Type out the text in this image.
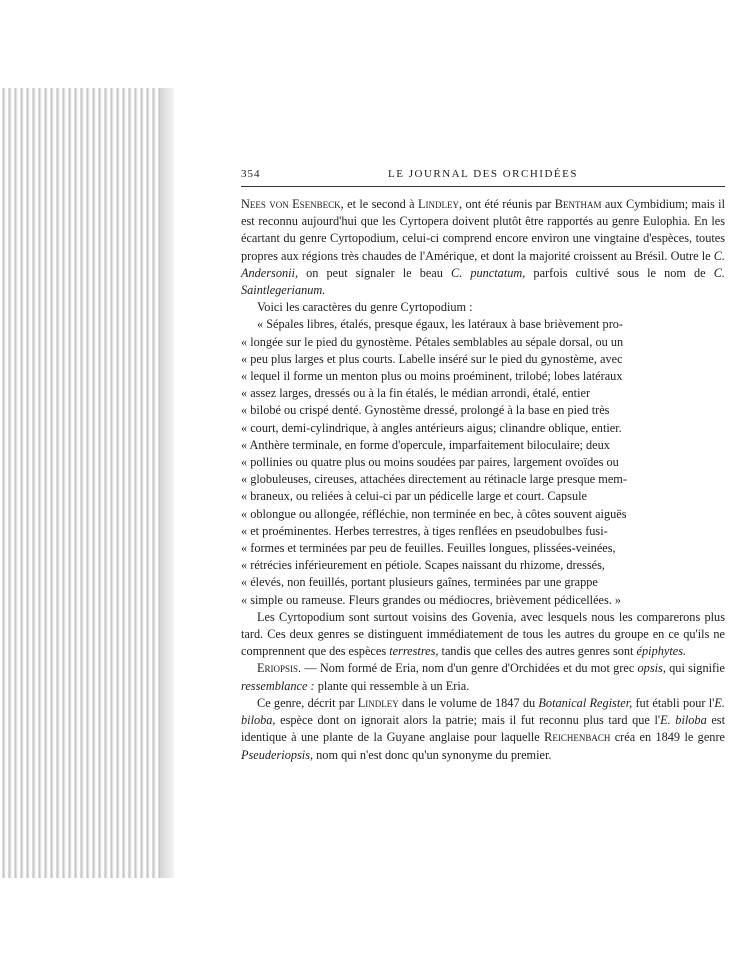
354	LE JOURNAL DES ORCHIDÉES

Nees von Esenbeck, et le second à Lindley, ont été réunis par Bentham aux Cymbidium; mais il est reconnu aujourd'hui que les Cyrtopera doivent plutôt être rapportés au genre Eulophia. En les écartant du genre Cyrtopodium, celui-ci comprend encore environ une vingtaine d'espèces, toutes propres aux régions très chaudes de l'Amérique, et dont la majorité croissent au Brésil. Outre le C. Andersonii, on peut signaler le beau C. punctatum, parfois cultivé sous le nom de C. Saintlegerianum.

Voici les caractères du genre Cyrtopodium :

« Sépales libres, étalés, presque égaux, les latéraux à base brièvement pro-

« longée sur le pied du gynostème. Pétales semblables au sépale dorsal, ou un

« peu plus larges et plus courts. Labelle inséré sur le pied du gynostème, avec

« lequel il forme un menton plus ou moins proéminent, trilobé; lobes latéraux

« assez larges, dressés ou à la fin étalés, le médian arrondi, étalé, entier

« bilobé ou crispé denté. Gynostème dressé, prolongé à la base en pied très

« court, demi-cylindrique, à angles antérieurs aigus; clinandre oblique, entier.

« Anthère terminale, en forme d'opercule, imparfaitement biloculaire; deux

« pollinies ou quatre plus ou moins soudées par paires, largement ovoïdes ou

« globuleuses, cireuses, attachées directement au rétinacle large presque mem-

« braneux, ou reliées à celui-ci par un pédicelle large et court. Capsule

« oblongue ou allongée, réfléchie, non terminée en bec, à côtes souvent aiguës

« et proéminentes. Herbes terrestres, à tiges renflées en pseudobulbes fusi-

« formes et terminées par peu de feuilles. Feuilles longues, plissées-veinées,

« rétrécies inférieurement en pétiole. Scapes naissant du rhizome, dressés,

« élevés, non feuillés, portant plusieurs gaînes, terminées par une grappe

« simple ou rameuse. Fleurs grandes ou médiocres, brièvement pédicellées. »

Les Cyrtopodium sont surtout voisins des Govenia, avec lesquels nous les comparerons plus tard. Ces deux genres se distinguent immédiatement de tous les autres du groupe en ce qu'ils ne comprennent que des espèces terrestres, tandis que celles des autres genres sont épiphytes.

Eriopsis. — Nom formé de Eria, nom d'un genre d'Orchidées et du mot grec opsis, qui signifie ressemblance : plante qui ressemble à un Eria.

Ce genre, décrit par Lindley dans le volume de 1847 du Botanical Register, fut établi pour l'E. biloba, espèce dont on ignorait alors la patrie; mais il fut reconnu plus tard que l'E. biloba est identique à une plante de la Guyane anglaise pour laquelle Reichenbach créa en 1849 le genre Pseuderiopsis, nom qui n'est donc qu'un synonyme du premier.
